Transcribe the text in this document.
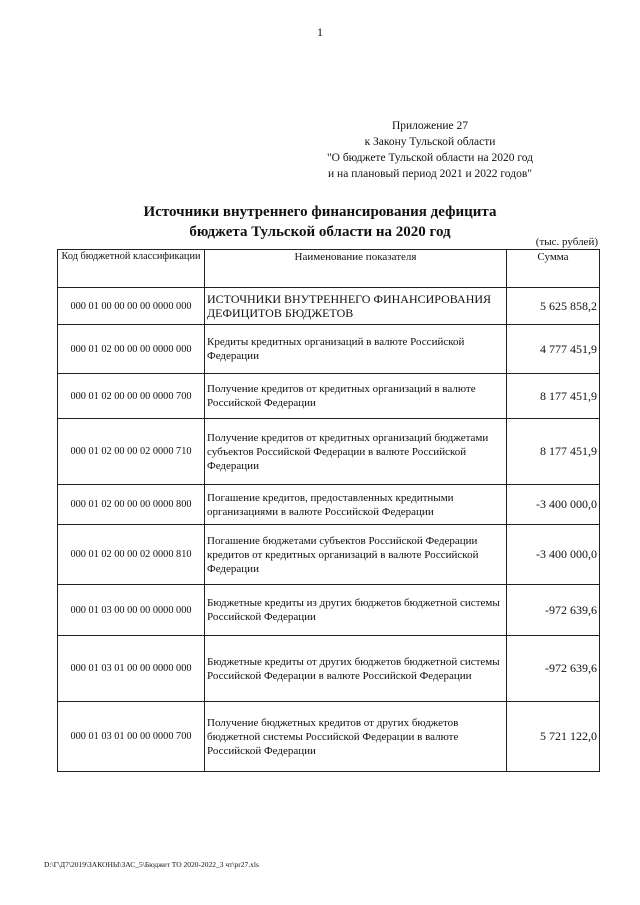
1
Приложение 27
к Закону Тульской области
"О бюджете Тульской области на 2020 год
и на плановый период 2021 и 2022 годов"
Источники внутреннего финансирования дефицита
бюджета Тульской области на 2020 год
(тыс. рублей)
Код бюджетной классификации	Наименование показателя	Сумма
000 01 00 00 00 00 0000 000	ИСТОЧНИКИ ВНУТРЕННЕГО ФИНАНСИРОВАНИЯ ДЕФИЦИТОВ БЮДЖЕТОВ	5 625 858,2
000 01 02 00 00 00 0000 000	Кредиты кредитных организаций в валюте Российской Федерации	4 777 451,9
000 01 02 00 00 00 0000 700	Получение кредитов от кредитных организаций в валюте Российской Федерации	8 177 451,9
000 01 02 00 00 02 0000 710	Получение кредитов от кредитных организаций бюджетами субъектов Российской Федерации в валюте Российской Федерации	8 177 451,9
000 01 02 00 00 00 0000 800	Погашение кредитов, предоставленных кредитными организациями в валюте Российской Федерации	-3 400 000,0
000 01 02 00 00 02 0000 810	Погашение бюджетами субъектов Российской Федерации кредитов от кредитных организаций в валюте Российской Федерации	-3 400 000,0
000 01 03 00 00 00 0000 000	Бюджетные кредиты из других бюджетов бюджетной системы Российской Федерации	-972 639,6
000 01 03 01 00 00 0000 000	Бюджетные кредиты от других бюджетов бюджетной системы Российской Федерации в валюте Российской Федерации	-972 639,6
000 01 03 01 00 00 0000 700	Получение бюджетных кредитов от других бюджетов бюджетной системы Российской Федерации в валюте Российской Федерации	5 721 122,0
D:\Г\Д7\2019\ЗАКОНЫ\ЗАС_5\Бюджет ТО 2020-2022_3 чт\pr27.xls
